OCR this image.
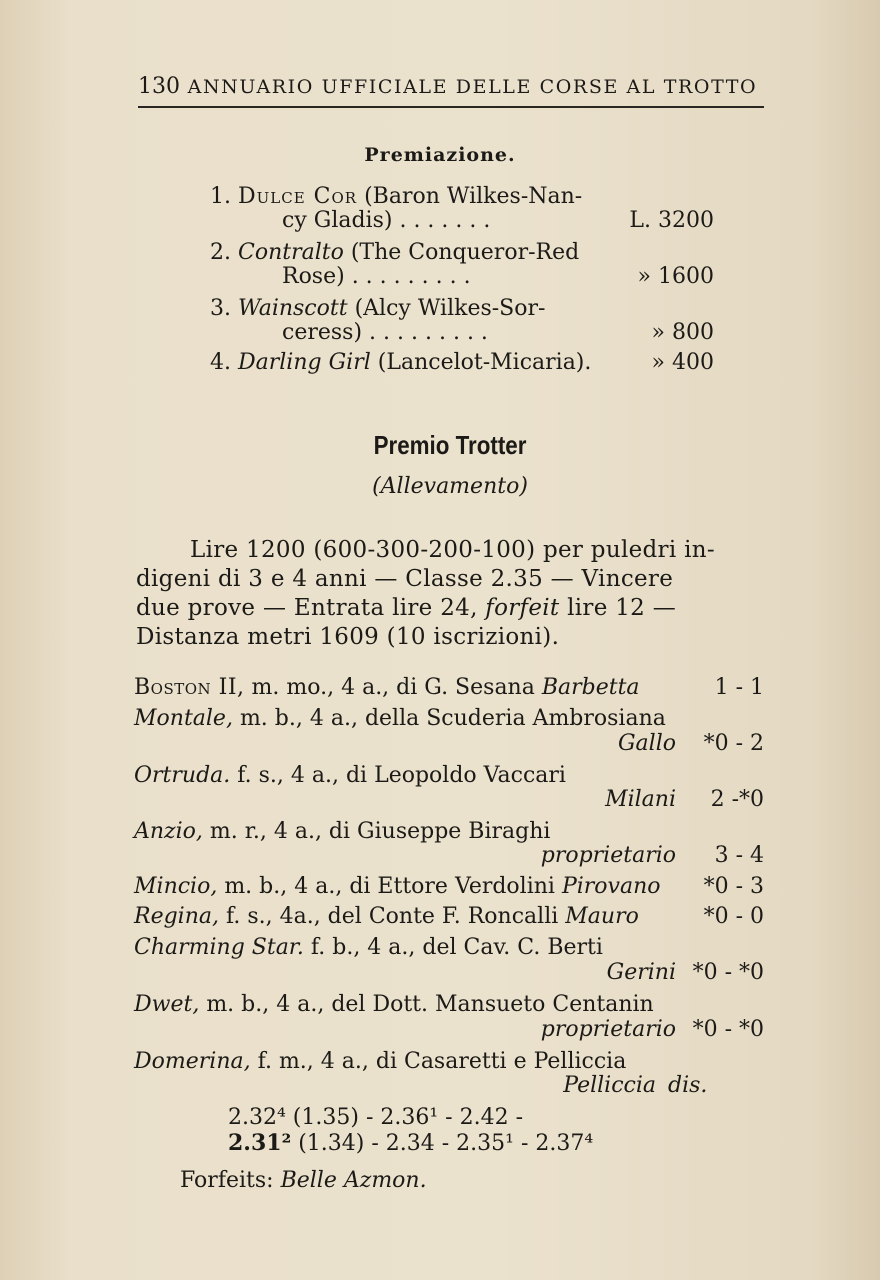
130 ANNUARIO UFFICIALE DELLE CORSE AL TROTTO
Premiazione.
1. Dulce Cor (Baron Wilkes-Nan-
cy Gladis) . . . . . . .	L. 3200
2. Contralto (The Conqueror-Red
Rose) . . . . . . . . .	» 1600
3. Wainscott (Alcy Wilkes-Sor-
ceress) . . . . . . . . .	» 800
4. Darling Girl (Lancelot-Micaria).	» 400
Premio Trotter
(Allevamento)
Lire 1200 (600-300-200-100) per puledri in-
digeni di 3 e 4 anni — Classe 2.35 — Vincere
due prove — Entrata lire 24, forfeit lire 12 —
Distanza metri 1609 (10 iscrizioni).
Boston II, m. mo., 4 a., di G. Sesana Barbetta	1 - 1
Montale, m. b., 4 a., della Scuderia Ambrosiana
Gallo	*0 - 2
Ortruda. f. s., 4 a., di Leopoldo Vaccari
Milani	2 -*0
Anzio, m. r., 4 a., di Giuseppe Biraghi
proprietario	3 - 4
Mincio, m. b., 4 a., di Ettore Verdolini Pirovano	*0 - 3
Regina, f. s., 4a., del Conte F. Roncalli Mauro	*0 - 0
Charming Star. f. b., 4 a., del Cav. C. Berti
Gerini *0 - *0
Dwet, m. b., 4 a., del Dott. Mansueto Centanin
proprietario *0 - *0
Domerina, f. m., 4 a., di Casaretti e Pelliccia
Pelliccia dis.
2.32⁴ (1.35) - 2.36¹ - 2.42 -
2.31² (1.34) - 2.34 - 2.35¹ - 2.37⁴
Forfeits: Belle Azmon.
